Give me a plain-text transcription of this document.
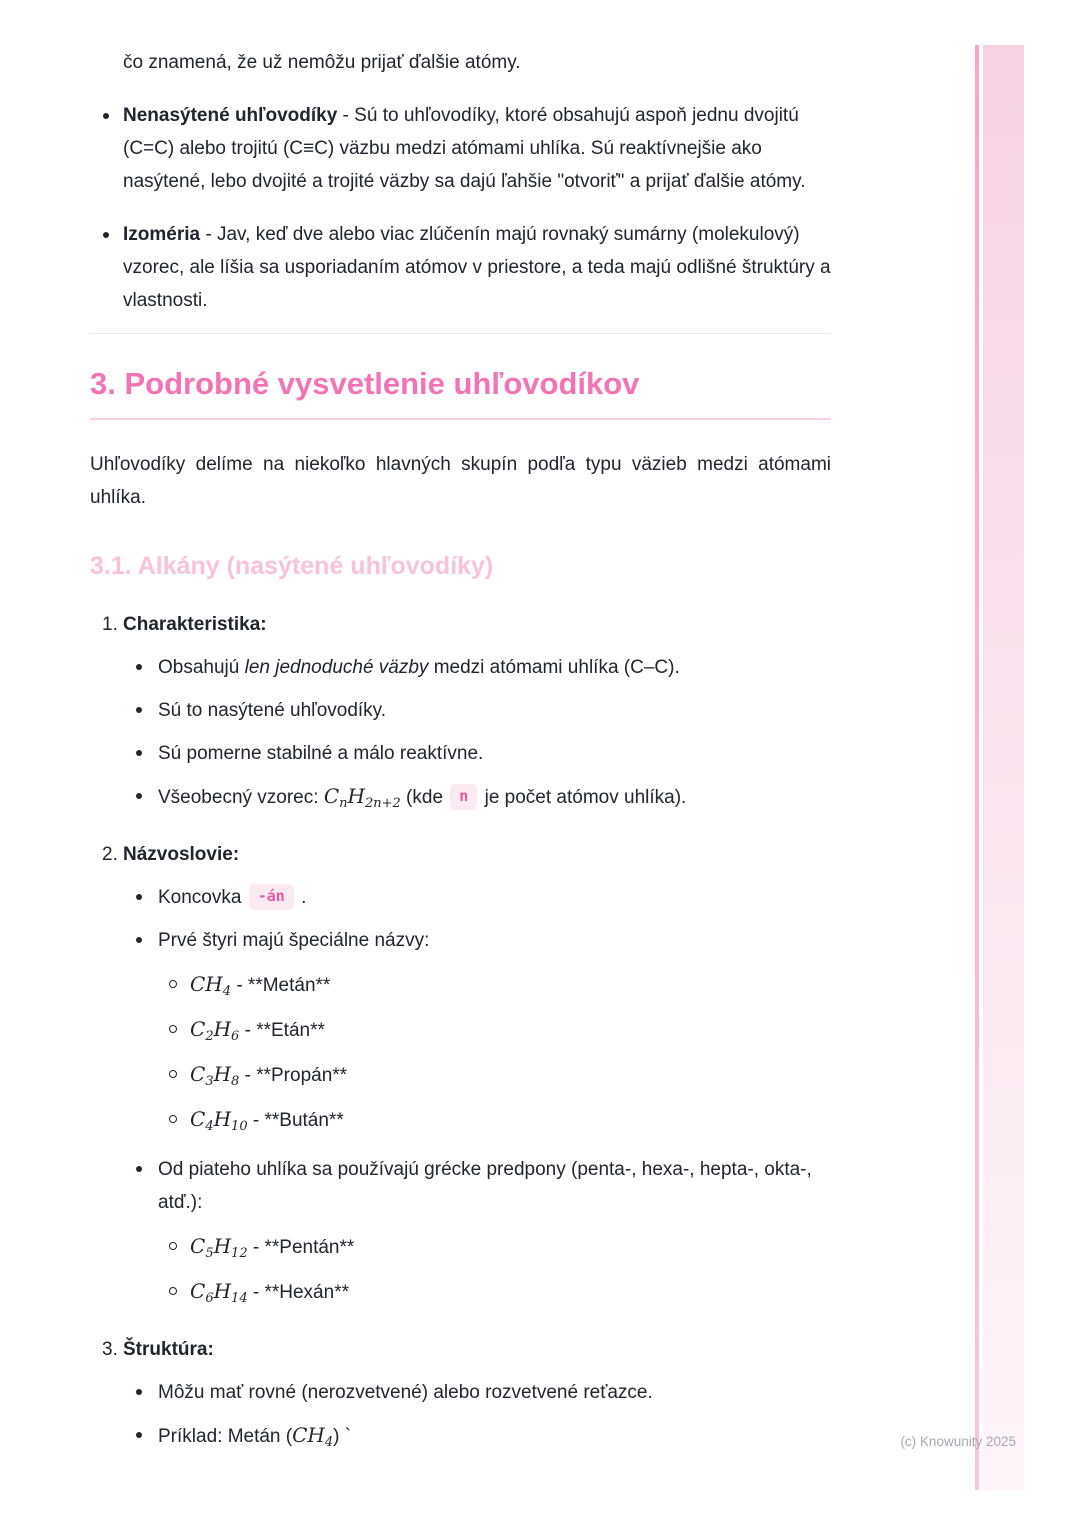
čo znamená, že už nemôžu prijať ďalšie atómy.

Nenasýtené uhľovodíky - Sú to uhľovodíky, ktoré obsahujú aspoň jednu dvojitú (C=C) alebo trojitú (C≡C) väzbu medzi atómami uhlíka. Sú reaktívnejšie ako nasýtené, lebo dvojité a trojité väzby sa dajú ľahšie "otvoriť" a prijať ďalšie atómy.
Izoméria - Jav, keď dve alebo viac zlúčenín majú rovnaký sumárny (molekulový) vzorec, ale líšia sa usporiadaním atómov v priestore, a teda majú odlišné štruktúry a vlastnosti.
3. Podrobné vysvetlenie uhľovodíkov

Uhľovodíky delíme na niekoľko hlavných skupín podľa typu väzieb medzi atómami uhlíka.

3.1. Alkány (nasýtené uhľovodíky)
1. Charakteristika:

Obsahujú len jednoduché väzby medzi atómami uhlíka (C–C).
Sú to nasýtené uhľovodíky.
Sú pomerne stabilné a málo reaktívne.
Všeobecný vzorec: $C_nH_{2n+2}$ (kde n je počet atómov uhlíka).
2. Názvoslovie:

Koncovka -án .
Prvé štyri majú špeciálne názvy:
$CH_4$ - **Metán**
$C_2H_6$ - **Etán**
$C_3H_8$ - **Propán**
$C_4H_{10}$ - **Bután**
Od piateho uhlíka sa používajú grécke predpony (penta-, hexa-, hepta-, okta-, atď.):
$C_5H_{12}$ - **Pentán**
$C_6H_{14}$ - **Hexán**
3. Štruktúra:

Môžu mať rovné (nerozvetvené) alebo rozvetvené reťazce.
Príklad: Metán $(CH_4)$ `	(c) Knowunity 2025
